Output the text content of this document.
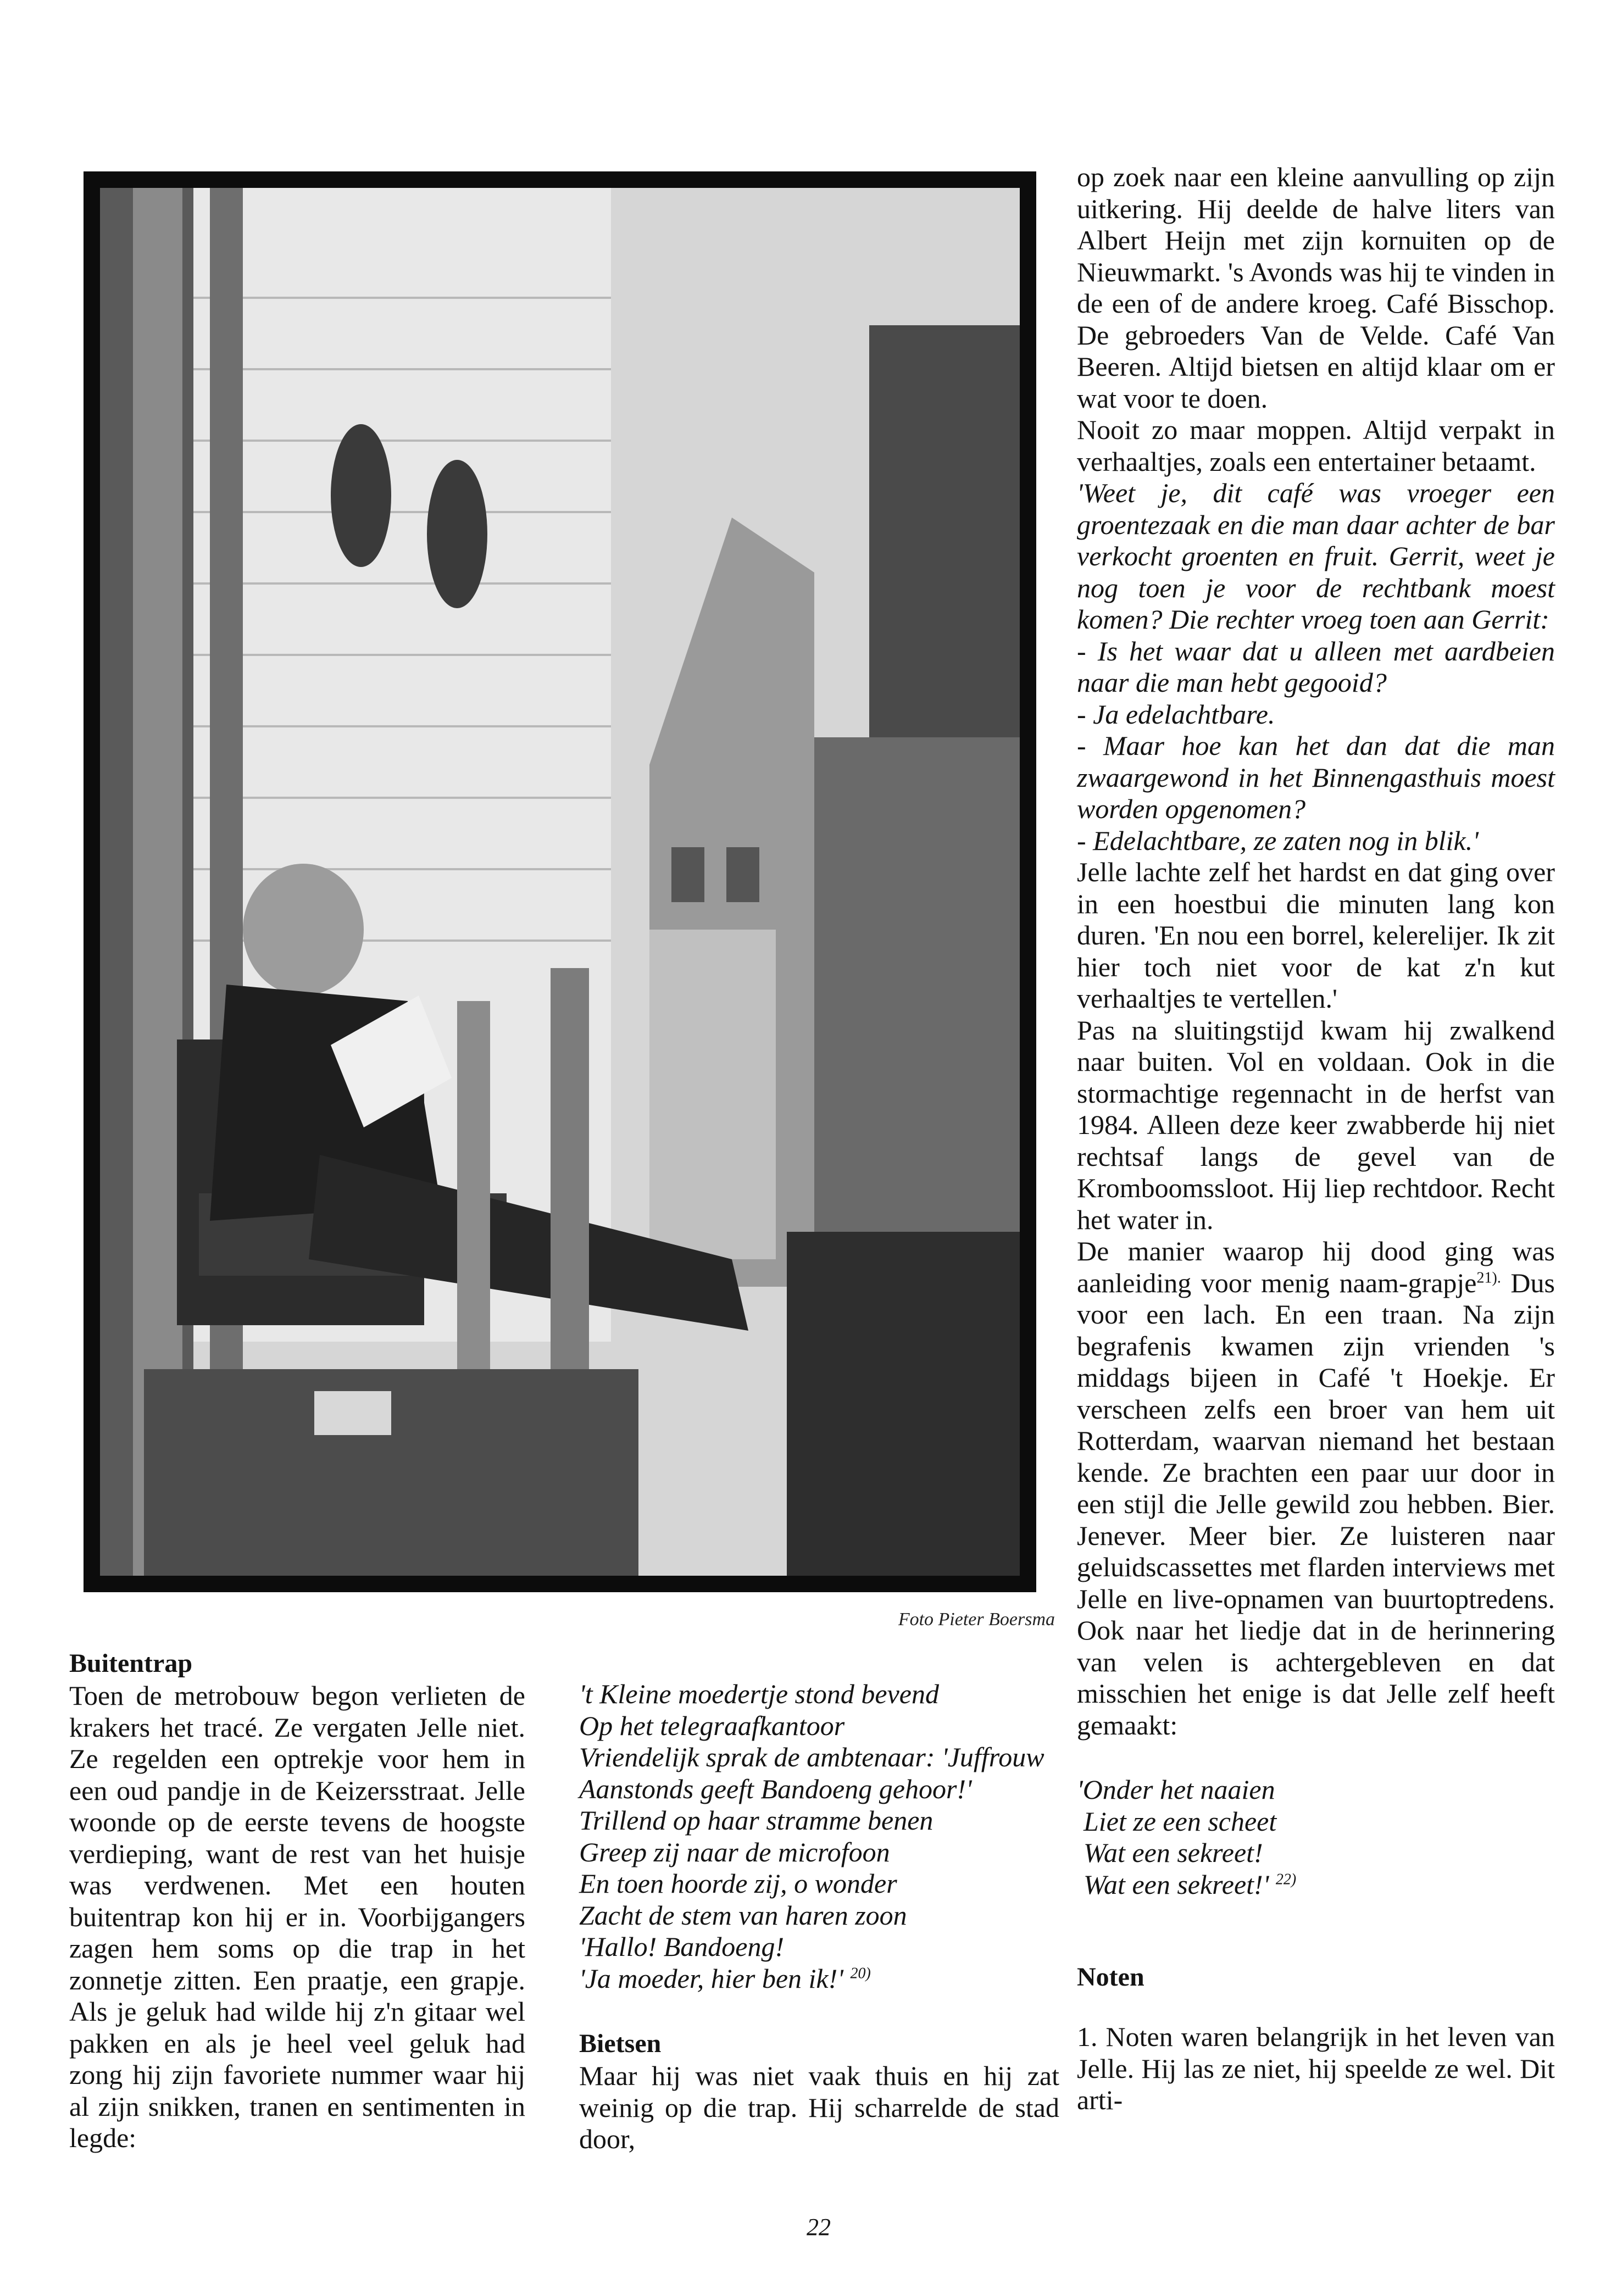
Foto Pieter Boersma
Buitentrap

Toen de metrobouw begon verlieten de krakers het tracé. Ze vergaten Jelle niet. Ze regelden een optrekje voor hem in een oud pandje in de Keizersstraat. Jelle woonde op de eerste tevens de hoogste verdieping, want de rest van het huisje was verdwenen. Met een houten buitentrap kon hij er in. Voorbijgangers zagen hem soms op die trap in het zonnetje zitten. Een praatje, een grapje. Als je geluk had wilde hij z'n gitaar wel pakken en als je heel veel geluk had zong hij zijn favoriete nummer waar hij al zijn snikken, tranen en sentimenten in legde:

't Kleine moedertje stond bevend
Op het telegraafkantoor
Vriendelijk sprak de ambtenaar: 'Juffrouw
Aanstonds geeft Bandoeng gehoor!'
Trillend op haar stramme benen
Greep zij naar de microfoon
En toen hoorde zij, o wonder
Zacht de stem van haren zoon
'Hallo! Bandoeng!
'Ja moeder, hier ben ik!' $^{20)}$
Bietsen

Maar hij was niet vaak thuis en hij zat weinig op die trap. Hij scharrelde de stad door,

op zoek naar een kleine aanvulling op zijn uitkering. Hij deelde de halve liters van Albert Heijn met zijn kornuiten op de Nieuwmarkt. 's Avonds was hij te vinden in de een of de andere kroeg. Café Bisschop. De gebroeders Van de Velde. Café Van Beeren. Altijd bietsen en altijd klaar om er wat voor te doen.

Nooit zo maar moppen. Altijd verpakt in verhaaltjes, zoals een entertainer betaamt.

'Weet je, dit café was vroeger een groentezaak en die man daar achter de bar verkocht groenten en fruit. Gerrit, weet je nog toen je voor de rechtbank moest komen? Die rechter vroeg toen aan Gerrit:

- Is het waar dat u alleen met aardbeien naar die man hebt gegooid?

- Ja edelachtbare.

- Maar hoe kan het dan dat die man zwaargewond in het Binnengasthuis moest worden opgenomen?

- Edelachtbare, ze zaten nog in blik.'

Jelle lachte zelf het hardst en dat ging over in een hoestbui die minuten lang kon duren. 'En nou een borrel, kelerelijer. Ik zit hier toch niet voor de kat z'n kut verhaaltjes te vertellen.'

Pas na sluitingstijd kwam hij zwalkend naar buiten. Vol en voldaan. Ook in die stormachtige regennacht in de herfst van 1984. Alleen deze keer zwabberde hij niet rechtsaf langs de gevel van de Kromboomssloot. Hij liep rechtdoor. Recht het water in.

De manier waarop hij dood ging was aanleiding voor menig naam-grapje$^{21).}$ Dus voor een lach. En een traan. Na zijn begrafenis kwamen zijn vrienden 's middags bijeen in Café 't Hoekje. Er verscheen zelfs een broer van hem uit Rotterdam, waarvan niemand het bestaan kende. Ze brachten een paar uur door in een stijl die Jelle gewild zou hebben. Bier. Jenever. Meer bier. Ze luisteren naar geluidscassettes met flarden interviews met Jelle en live-opnamen van buurtoptredens. Ook naar het liedje dat in de herinnering van velen is achtergebleven en dat misschien het enige is dat Jelle zelf heeft gemaakt:

'Onder het naaien
Liet ze een scheet
Wat een sekreet!
Wat een sekreet!' $^{22)}$
Noten

1. Noten waren belangrijk in het leven van Jelle. Hij las ze niet, hij speelde ze wel. Dit arti-

22
